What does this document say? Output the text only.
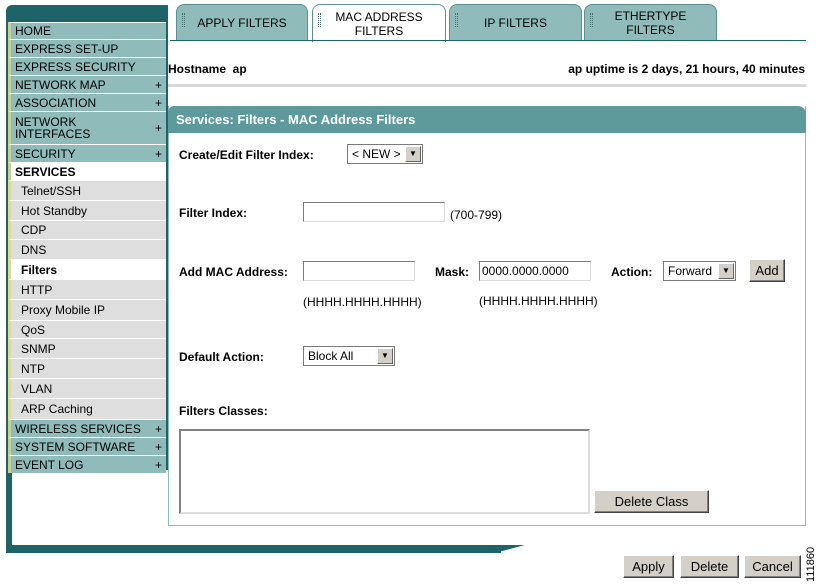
HOME
EXPRESS SET-UP
EXPRESS SECURITY
NETWORK MAP	+
ASSOCIATION	+
NETWORK
INTERFACES	+
SECURITY	+
SERVICES
Telnet/SSH
Hot Standby
CDP
DNS
Filters
HTTP
Proxy Mobile IP
QoS
SNMP
NTP
VLAN
ARP Caching
WIRELESS SERVICES +
SYSTEM SOFTWARE +
EVENT LOG	+
APPLY FILTERS	MAC ADDRESS
FILTERS
IP FILTERS	ETHERTYPE
FILTERS
Hostname  ap	ap uptime is 2 days, 21 hours, 40 minutes
Services: Filters - MAC Address Filters
Create/Edit Filter Index:	< NEW >	▼
Filter Index:	(700-799)
Add MAC Address:
(HHHH.HHHH.HHHH)
Mask:
0000.0000.0000
(HHHH.HHHH.HHHH)
Action:	Forward	▼	Add
Default Action:	Block All	▼
Filters Classes:
Delete Class
Apply	Delete	Cancel	111860
